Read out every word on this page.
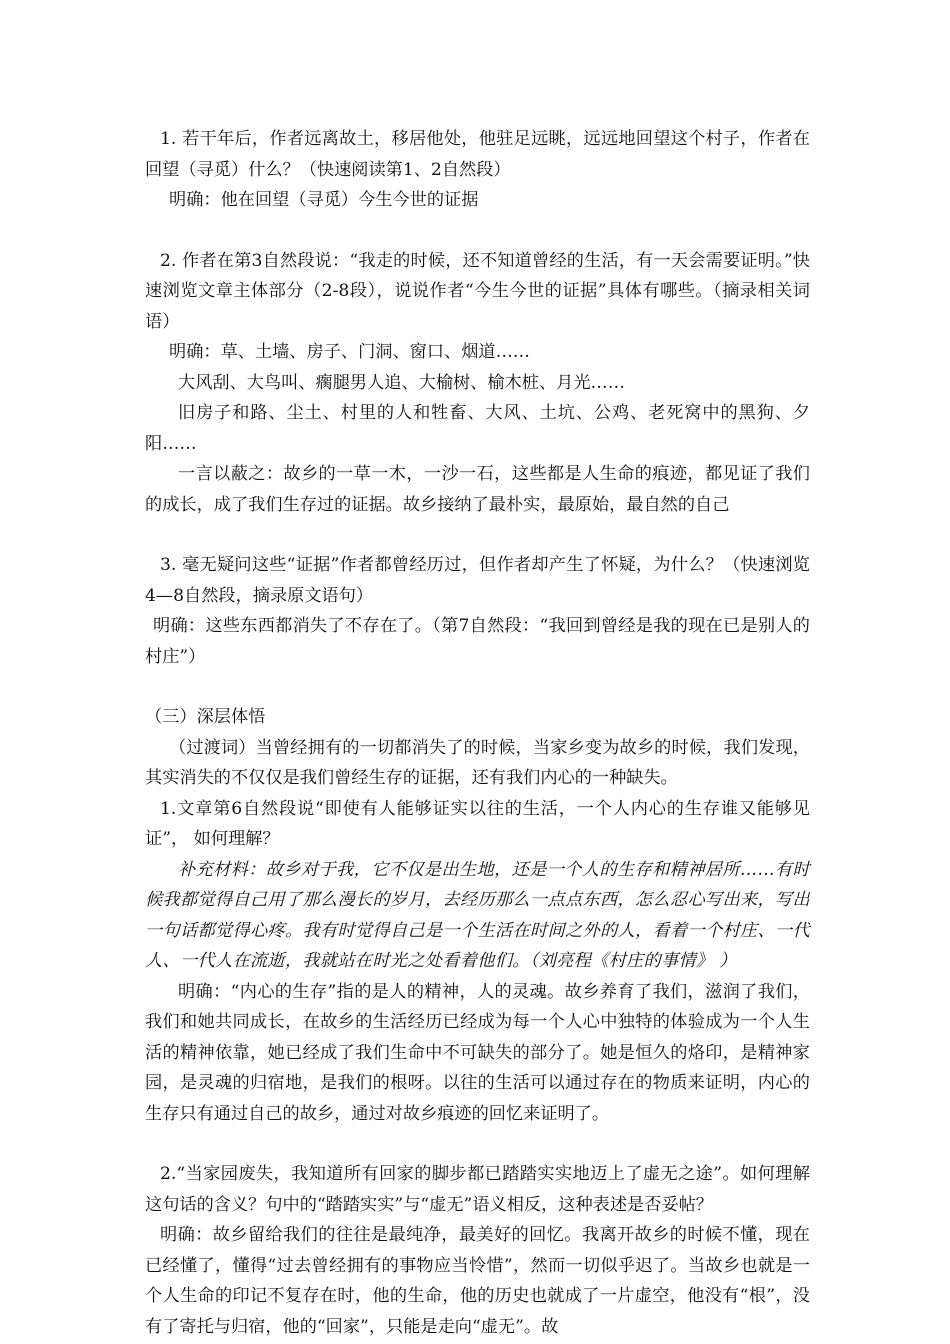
1. 若干年后，作者远离故土，移居他处，他驻足远眺，远远地回望这个村子，作者在回望（寻觅）什么？（快速阅读第1、2自然段）
明确：他在回望（寻觅）今生今世的证据
2. 作者在第3自然段说：“我走的时候，还不知道曾经的生活，有一天会需要证明。”快速浏览文章主体部分（2-8段），说说作者“今生今世的证据”具体有哪些。（摘录相关词语）
明确：草、土墙、房子、门洞、窗口、烟道……
大风刮、大鸟叫、瘸腿男人追、大榆树、榆木桩、月光……
旧房子和路、尘土、村里的人和牲畜、大风、土坑、公鸡、老死窝中的黑狗、夕阳……
一言以蔽之：故乡的一草一木，一沙一石，这些都是人生命的痕迹，都见证了我们的成长，成了我们生存过的证据。故乡接纳了最朴实，最原始，最自然的自己
3. 毫无疑问这些“证据”作者都曾经历过，但作者却产生了怀疑，为什么？（快速浏览4—8自然段，摘录原文语句）
明确：这些东西都消失了不存在了。（第7自然段：“我回到曾经是我的现在已是别人的村庄”）
（三）深层体悟
（过渡词）当曾经拥有的一切都消失了的时候，当家乡变为故乡的时候，我们发现，其实消失的不仅仅是我们曾经生存的证据，还有我们内心的一种缺失。
1.文章第6自然段说“即使有人能够证实以往的生活，一个人内心的生存谁又能够见证”， 如何理解？
补充材料：故乡对于我，它不仅是出生地，还是一个人的生存和精神居所……有时候我都觉得自己用了那么漫长的岁月，去经历那么一点点东西，怎么忍心写出来，写出一句话都觉得心疼。我有时觉得自己是一个生活在时间之外的人，看着一个村庄、一代人、一代人在流逝，我就站在时光之处看着他们。（刘亮程《村庄的事情》 ）
明确：“内心的生存”指的是人的精神，人的灵魂。故乡养育了我们，滋润了我们，我们和她共同成长，在故乡的生活经历已经成为每一个人心中独特的体验成为一个人生活的精神依靠，她已经成了我们生命中不可缺失的部分了。她是恒久的烙印，是精神家园，是灵魂的归宿地，是我们的根呀。以往的生活可以通过存在的物质来证明，内心的生存只有通过自己的故乡，通过对故乡痕迹的回忆来证明了。
2.“当家园废失，我知道所有回家的脚步都已踏踏实实地迈上了虚无之途”。如何理解这句话的含义？句中的“踏踏实实”与“虚无”语义相反，这种表述是否妥帖？
明确：故乡留给我们的往往是最纯净，最美好的回忆。我离开故乡的时候不懂，现在已经懂了，懂得“过去曾经拥有的事物应当怜惜”，然而一切似乎迟了。当故乡也就是一个人生命的印记不复存在时，他的生命，他的历史也就成了一片虚空，他没有“根”，没有了寄托与归宿，他的“回家”，只能是走向“虚无”。故
